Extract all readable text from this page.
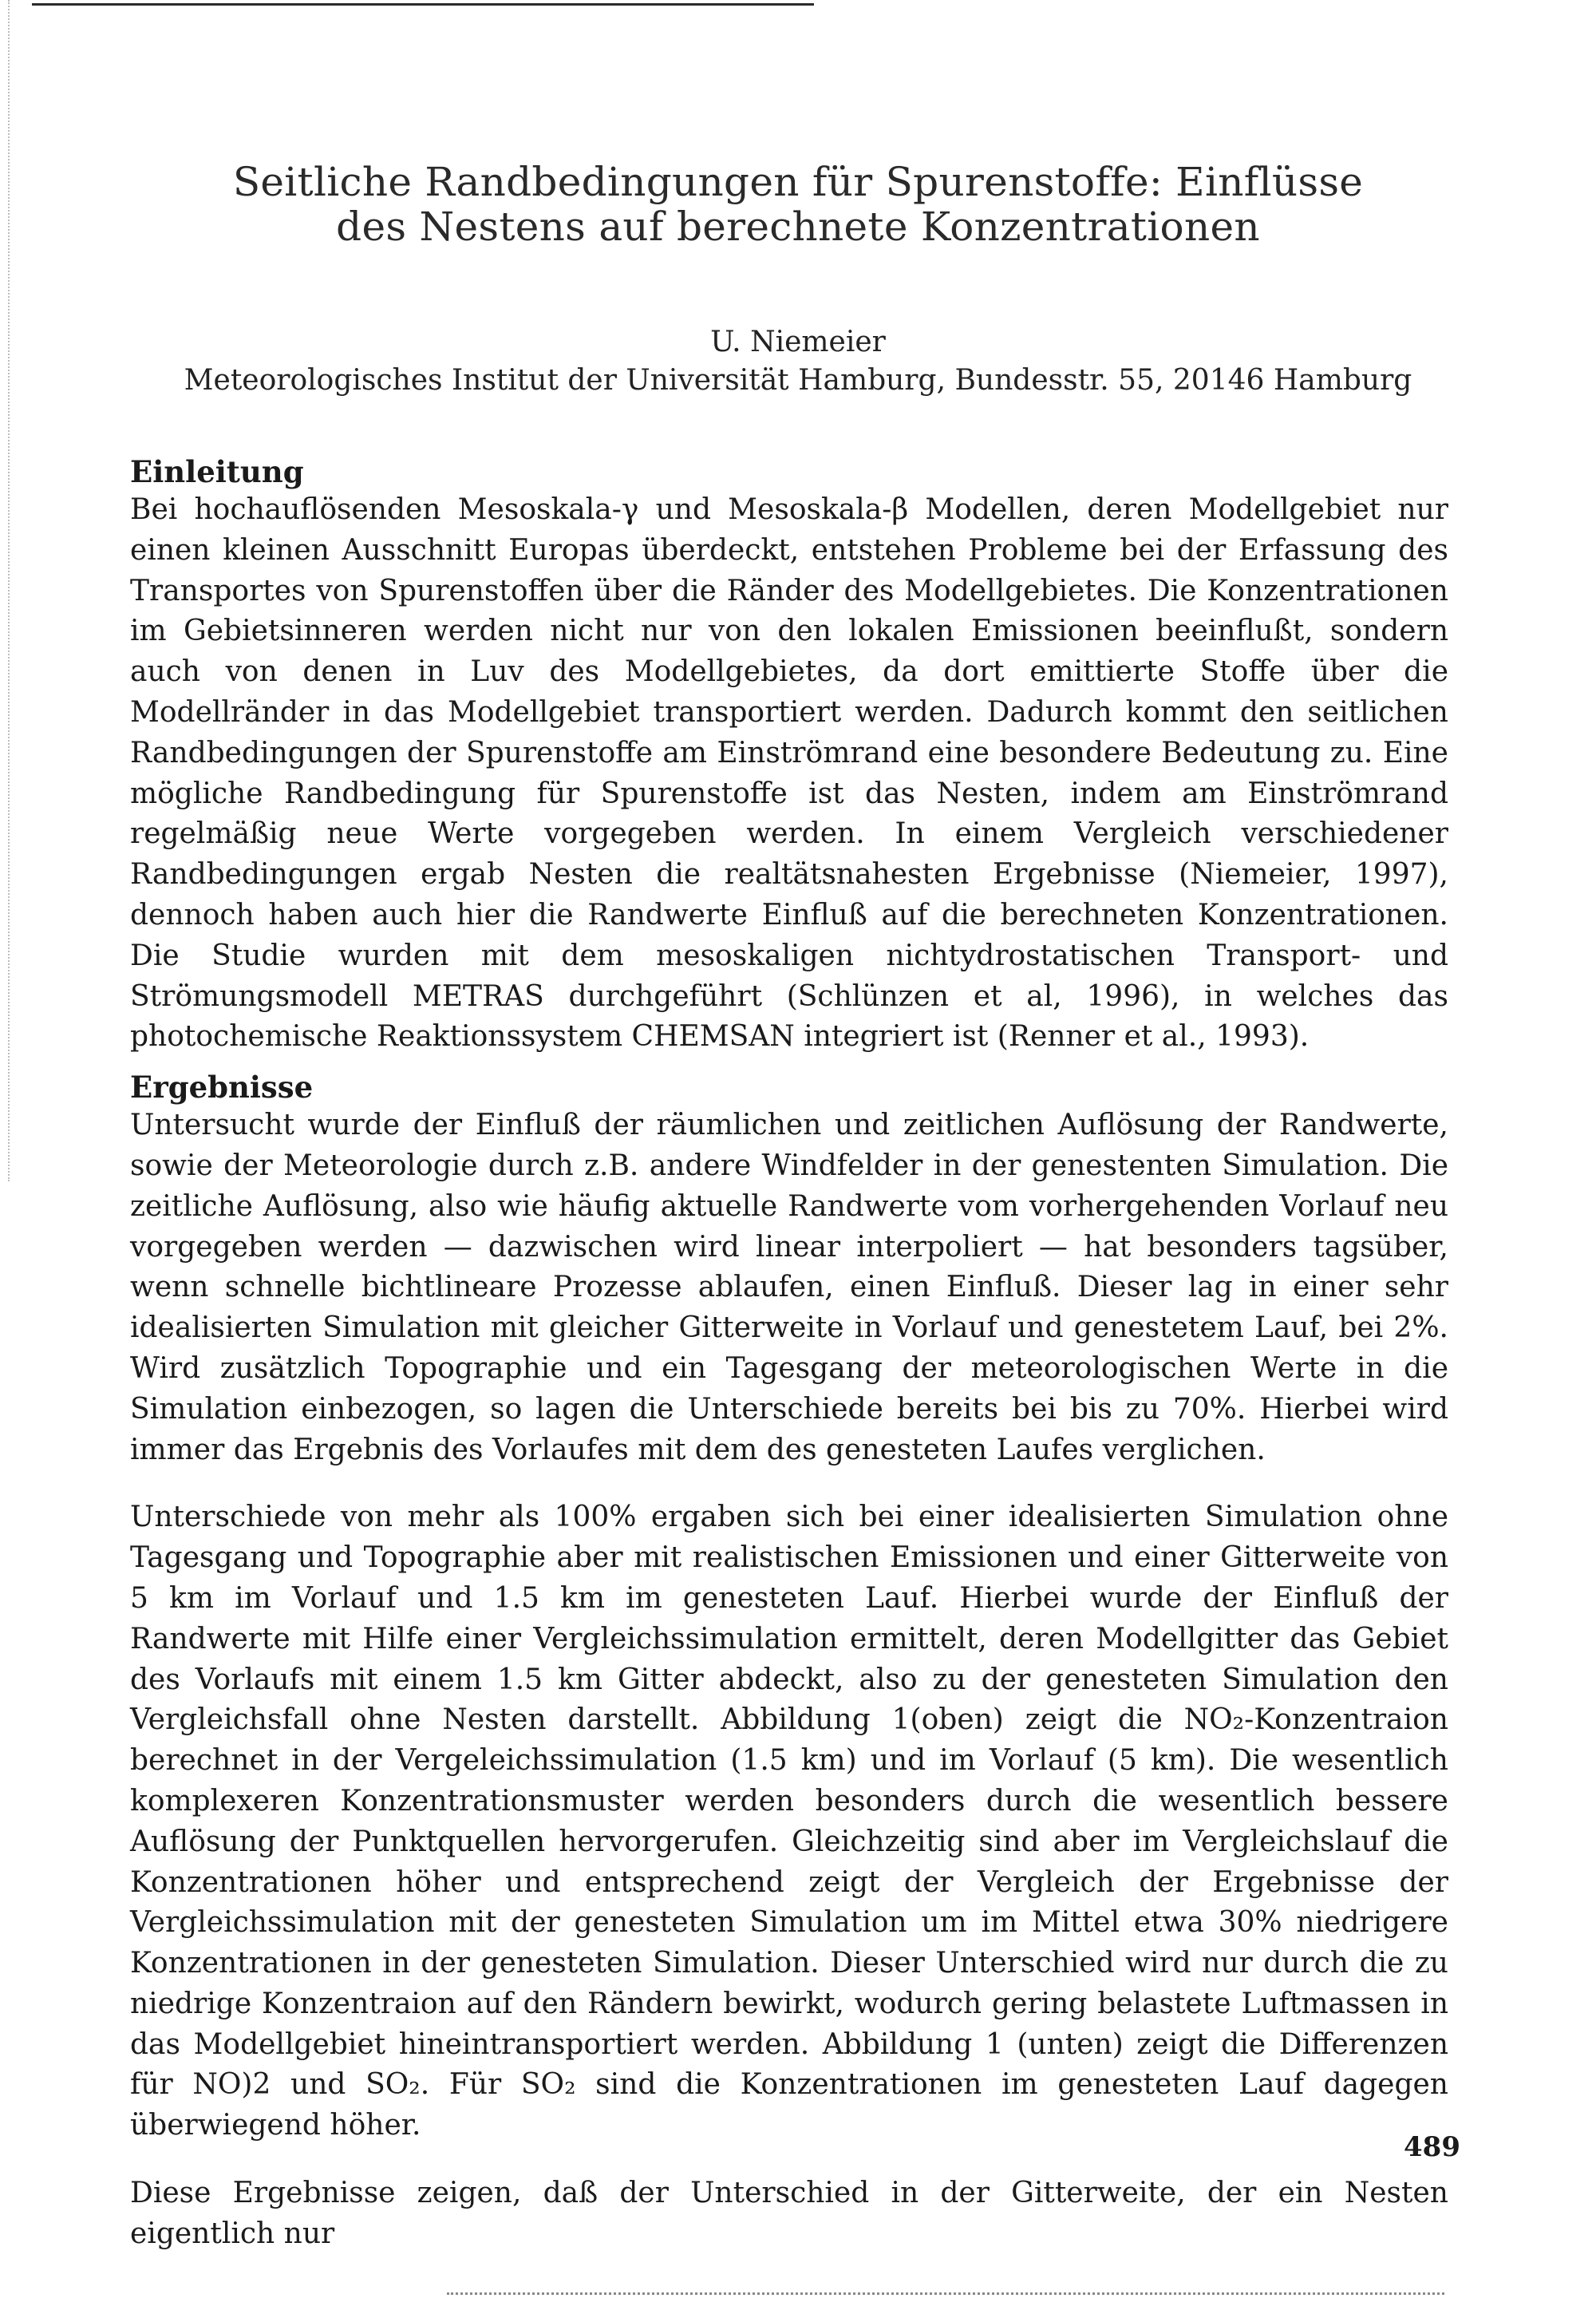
Seitliche Randbedingungen für Spurenstoffe: Einflüsse
des Nestens auf berechnete Konzentrationen
U. Niemeier
Meteorologisches Institut der Universität Hamburg, Bundesstr. 55, 20146 Hamburg
Einleitung

Bei hochauflösenden Mesoskala-γ und Mesoskala-β Modellen, deren Modellgebiet nur einen kleinen Ausschnitt Europas überdeckt, entstehen Probleme bei der Erfassung des Transportes von Spurenstoffen über die Ränder des Modellgebietes. Die Konzentrationen im Gebietsinneren werden nicht nur von den lokalen Emissionen beeinflußt, sondern auch von denen in Luv des Modellgebietes, da dort emittierte Stoffe über die Modellränder in das Modellgebiet transportiert werden. Dadurch kommt den seitlichen Randbedingungen der Spurenstoffe am Einströmrand eine besondere Bedeutung zu. Eine mögliche Randbedingung für Spurenstoffe ist das Nesten, indem am Einströmrand regelmäßig neue Werte vorgegeben werden. In einem Vergleich verschiedener Randbedingungen ergab Nesten die realtätsnahesten Ergebnisse (Niemeier, 1997), dennoch haben auch hier die Randwerte Einfluß auf die berechneten Konzentrationen. Die Studie wurden mit dem mesoskaligen nichtydrostatischen Transport- und Strömungsmodell METRAS durchgeführt (Schlünzen et al, 1996), in welches das photochemische Reaktionssystem CHEMSAN integriert ist (Renner et al., 1993).

Ergebnisse

Untersucht wurde der Einfluß der räumlichen und zeitlichen Auflösung der Randwerte, sowie der Meteorologie durch z.B. andere Windfelder in der genestenten Simulation. Die zeitliche Auflösung, also wie häufig aktuelle Randwerte vom vorhergehenden Vorlauf neu vorgegeben werden — dazwischen wird linear interpoliert — hat besonders tagsüber, wenn schnelle bichtlineare Prozesse ablaufen, einen Einfluß. Dieser lag in einer sehr idealisierten Simulation mit gleicher Gitterweite in Vorlauf und genestetem Lauf, bei 2%. Wird zusätzlich Topographie und ein Tagesgang der meteorologischen Werte in die Simulation einbezogen, so lagen die Unterschiede bereits bei bis zu 70%. Hierbei wird immer das Ergebnis des Vorlaufes mit dem des genesteten Laufes verglichen.

Unterschiede von mehr als 100% ergaben sich bei einer idealisierten Simulation ohne Tagesgang und Topographie aber mit realistischen Emissionen und einer Gitterweite von 5 km im Vorlauf und 1.5 km im genesteten Lauf. Hierbei wurde der Einfluß der Randwerte mit Hilfe einer Vergleichssimulation ermittelt, deren Modellgitter das Gebiet des Vorlaufs mit einem 1.5 km Gitter abdeckt, also zu der genesteten Simulation den Vergleichsfall ohne Nesten darstellt. Abbildung 1(oben) zeigt die NO₂-Konzentraion berechnet in der Vergeleichssimulation (1.5 km) und im Vorlauf (5 km). Die wesentlich komplexeren Konzentrationsmuster werden besonders durch die wesentlich bessere Auflösung der Punktquellen hervorgerufen. Gleichzeitig sind aber im Vergleichslauf die Konzentrationen höher und entsprechend zeigt der Vergleich der Ergebnisse der Vergleichssimulation mit der genesteten Simulation um im Mittel etwa 30% niedrigere Konzentrationen in der genesteten Simulation. Dieser Unterschied wird nur durch die zu niedrige Konzentraion auf den Rändern bewirkt, wodurch gering belastete Luftmassen in das Modellgebiet hineintransportiert werden. Abbildung 1 (unten) zeigt die Differenzen für NO)2 und SO₂. Für SO₂ sind die Konzentrationen im genesteten Lauf dagegen überwiegend höher.

Diese Ergebnisse zeigen, daß der Unterschied in der Gitterweite, der ein Nesten eigentlich nur

489
